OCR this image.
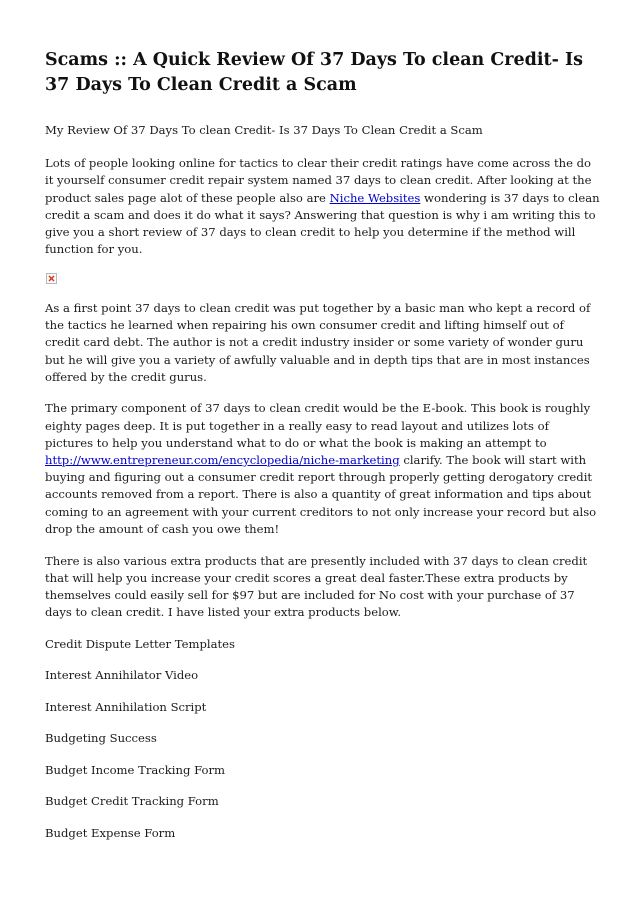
Scams :: A Quick Review Of 37 Days To clean Credit- Is 37 Days To Clean Credit a Scam

My Review Of 37 Days To clean Credit- Is 37 Days To Clean Credit a Scam

Lots of people looking online for tactics to clear their credit ratings have come across the do it yourself consumer credit repair system named 37 days to clean credit. After looking at the product sales page alot of these people also are Niche Websites wondering is 37 days to clean credit a scam and does it do what it says? Answering that question is why i am writing this to give you a short review of 37 days to clean credit to help you determine if the method will function for you.

As a first point 37 days to clean credit was put together by a basic man who kept a record of the tactics he learned when repairing his own consumer credit and lifting himself out of credit card debt. The author is not a credit industry insider or some variety of wonder guru but he will give you a variety of awfully valuable and in depth tips that are in most instances offered by the credit gurus.

The primary component of 37 days to clean credit would be the E-book. This book is roughly eighty pages deep. It is put together in a really easy to read layout and utilizes lots of pictures to help you understand what to do or what the book is making an attempt to http://www.entrepreneur.com/encyclopedia/niche-marketing clarify. The book will start with buying and figuring out a consumer credit report through properly getting derogatory credit accounts removed from a report. There is also a quantity of great information and tips about coming to an agreement with your current creditors to not only increase your record but also drop the amount of cash you owe them!

There is also various extra products that are presently included with 37 days to clean credit that will help you increase your credit scores a great deal faster.These extra products by themselves could easily sell for $97 but are included for No cost with your purchase of 37 days to clean credit. I have listed your extra products below.

Credit Dispute Letter Templates

Interest Annihilator Video

Interest Annihilation Script

Budgeting Success

Budget Income Tracking Form

Budget Credit Tracking Form

Budget Expense Form
